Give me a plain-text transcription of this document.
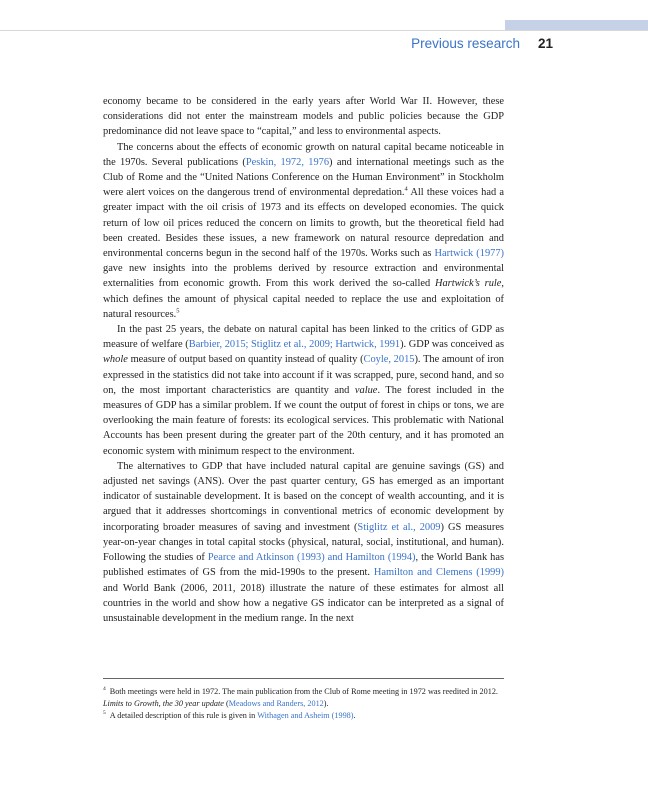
Previous research 21

economy became to be considered in the early years after World War II. However, these considerations did not enter the mainstream models and public policies because the GDP predominance did not leave space to “capital,” and less to environmental aspects.

The concerns about the effects of economic growth on natural capital became noticeable in the 1970s. Several publications (Peskin, 1972, 1976) and international meetings such as the Club of Rome and the “United Nations Conference on the Human Environment” in Stockholm were alert voices on the dangerous trend of environmental depredation.$^4$ All these voices had a greater impact with the oil crisis of 1973 and its effects on developed economies. The quick return of low oil prices reduced the concern on limits to growth, but the theoretical field had been created. Besides these issues, a new framework on natural resource depredation and environmental concerns begun in the second half of the 1970s. Works such as Hartwick (1977) gave new insights into the problems derived by resource extraction and environmental externalities from economic growth. From this work derived the so-called Hartwick’s rule, which defines the amount of physical capital needed to replace the use and exploitation of natural resources.$^5$

In the past 25 years, the debate on natural capital has been linked to the critics of GDP as measure of welfare (Barbier, 2015; Stiglitz et al., 2009; Hartwick, 1991). GDP was conceived as whole measure of output based on quantity instead of quality (Coyle, 2015). The amount of iron expressed in the statistics did not take into account if it was scrapped, pure, second hand, and so on, the most important characteristics are quantity and value. The forest included in the measures of GDP has a similar problem. If we count the output of forest in chips or tons, we are overlooking the main feature of forests: its ecological services. This problematic with National Accounts has been present during the greater part of the 20th century, and it has promoted an economic system with minimum respect to the environment.

The alternatives to GDP that have included natural capital are genuine savings (GS) and adjusted net savings (ANS). Over the past quarter century, GS has emerged as an important indicator of sustainable development. It is based on the concept of wealth accounting, and it is argued that it addresses shortcomings in conventional metrics of economic development by incorporating broader measures of saving and investment (Stiglitz et al., 2009) GS measures year-on-year changes in total capital stocks (physical, natural, social, institutional, and human). Following the studies of Pearce and Atkinson (1993) and Hamilton (1994), the World Bank has published estimates of GS from the mid-1990s to the present. Hamilton and Clemens (1999) and World Bank (2006, 2011, 2018) illustrate the nature of these estimates for almost all countries in the world and show how a negative GS indicator can be interpreted as a signal of unsustainable development in the medium range. In the next

$^4$ Both meetings were held in 1972. The main publication from the Club of Rome meeting in 1972 was reedited in 2012. Limits to Growth, the 30 year update (Meadows and Randers, 2012).

$^5$ A detailed description of this rule is given in Withagen and Asheim (1998).
